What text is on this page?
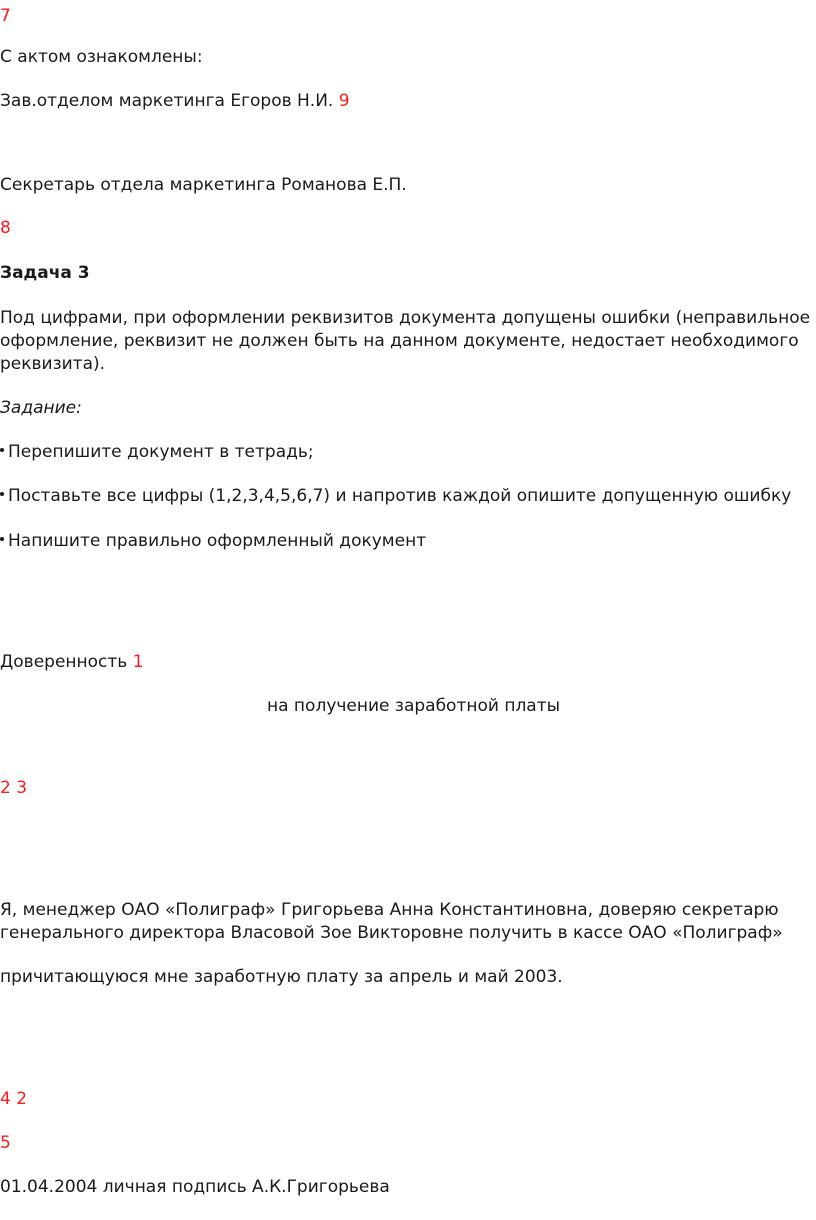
7
С актом ознакомлены:
Зав.отделом маркетинга Егоров Н.И. 9
Секретарь отдела маркетинга Романова Е.П.
8
Задача 3
Под цифрами, при оформлении реквизитов документа допущены ошибки (неправильное
оформление, реквизит не должен быть на данном документе, недостает необходимого
реквизита).
Задание:
Перепишите документ в тетрадь;
Поставьте все цифры (1,2,3,4,5,6,7) и напротив каждой опишите допущенную ошибку
Напишите правильно оформленный документ
Доверенность 1
на получение заработной платы
2 3
Я, менеджер ОАО «Полиграф» Григорьева Анна Константиновна, доверяю секретарю
генерального директора Власовой Зое Викторовне получить в кассе ОАО «Полиграф»
причитающуюся мне заработную плату за апрель и май 2003.
4 2
5
01.04.2004 личная подпись А.К.Григорьева
